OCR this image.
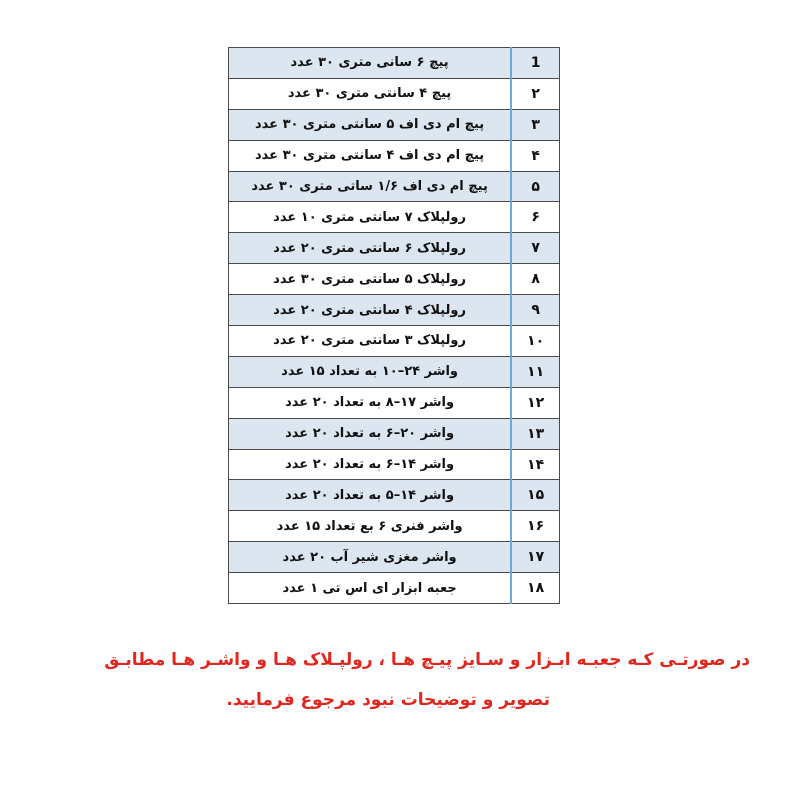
پیچ ۶ سانی متری ۳۰ عدد	1
پیچ ۴ سانتی متری ۳۰ عدد	۲
پیچ ام دی اف ۵ سانتی متری ۳۰ عدد	۳
پیچ ام دی اف ۴ سانتی متری ۳۰ عدد	۴
پیچ ام دی اف ۱/۶ ساتی متری ۳۰ عدد	۵
رولپلاک ۷ سانتی متری ۱۰ عدد	۶
رولپلاک ۶ سانتی متری ۲۰ عدد	۷
رولپلاک ۵ سانتی متری ۳۰ عدد	۸
رولپلاک ۴ سانتی متری ۲۰ عدد	۹
رولپلاک ۳ سانتی متری ۲۰ عدد	۱۰
واشر ۲۴–۱۰ به تعداد ۱۵ عدد	۱۱
واشر ۱۷–۸ به تعداد ۲۰ عدد	۱۲
واشر ۲۰–۶ به تعداد ۲۰ عدد	۱۳
واشر ۱۴–۶ به تعداد ۲۰ عدد	۱۴
واشر ۱۴–۵ به تعداد ۲۰ عدد	۱۵
واشر فنری ۶ بع تعداد ۱۵ عدد	۱۶
واشر مغزی شیر آب ۲۰ عدد	۱۷
جعبه ابزار ای اس تی ۱ عدد	۱۸
در صورتـی کـه جعبـه ابـزار و سـایز پیـچ هـا ، رولپـلاک هـا و واشـر هـا مطابـق
تصویر و توضیحات نبود مرجوع فرمایید.
